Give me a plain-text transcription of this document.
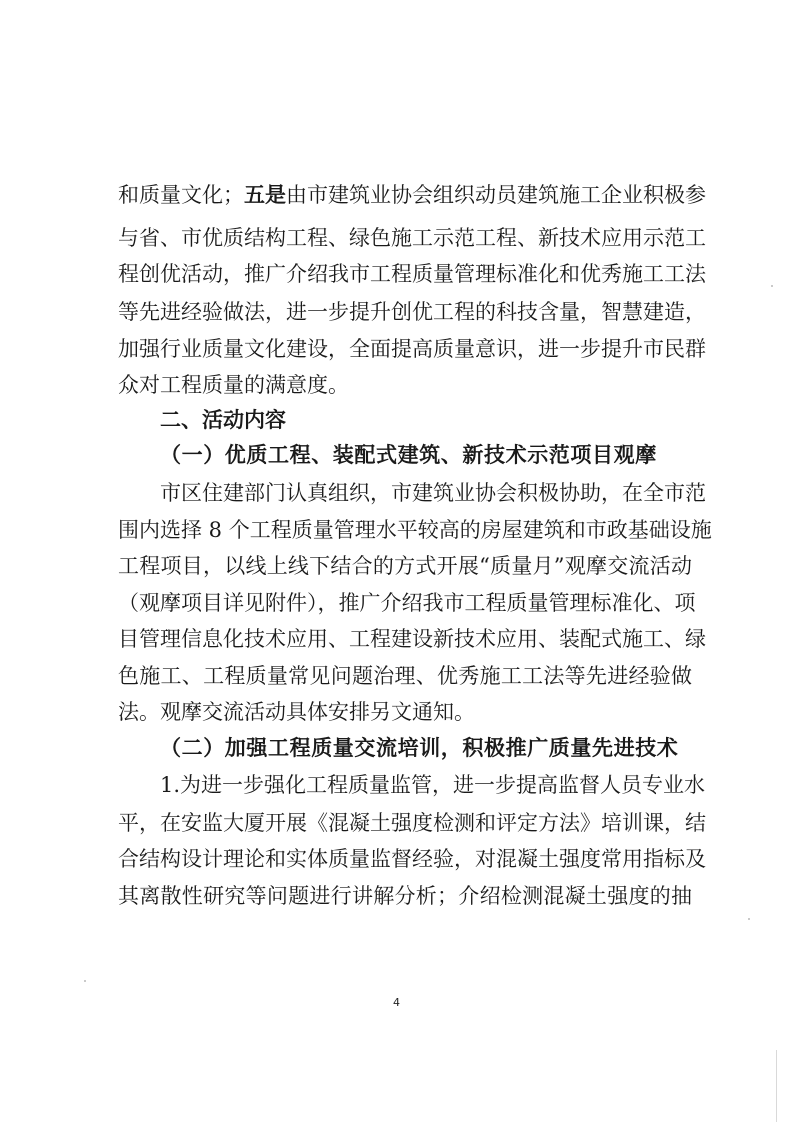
和质量文化；五是由市建筑业协会组织动员建筑施工企业积极参
与省、市优质结构工程、绿色施工示范工程、新技术应用示范工
程创优活动，推广介绍我市工程质量管理标准化和优秀施工工法
等先进经验做法，进一步提升创优工程的科技含量，智慧建造，
加强行业质量文化建设，全面提高质量意识，进一步提升市民群
众对工程质量的满意度。
二、活动内容
（一）优质工程、装配式建筑、新技术示范项目观摩
市区住建部门认真组织，市建筑业协会积极协助，在全市范
围内选择 8 个工程质量管理水平较高的房屋建筑和市政基础设施
工程项目，以线上线下结合的方式开展“质量月”观摩交流活动
（观摩项目详见附件），推广介绍我市工程质量管理标准化、项
目管理信息化技术应用、工程建设新技术应用、装配式施工、绿
色施工、工程质量常见问题治理、优秀施工工法等先进经验做
法。观摩交流活动具体安排另文通知。
（二）加强工程质量交流培训，积极推广质量先进技术
1.为进一步强化工程质量监管，进一步提高监督人员专业水
平，在安监大厦开展《混凝土强度检测和评定方法》培训课，结
合结构设计理论和实体质量监督经验，对混凝土强度常用指标及
其离散性研究等问题进行讲解分析；介绍检测混凝土强度的抽
4
